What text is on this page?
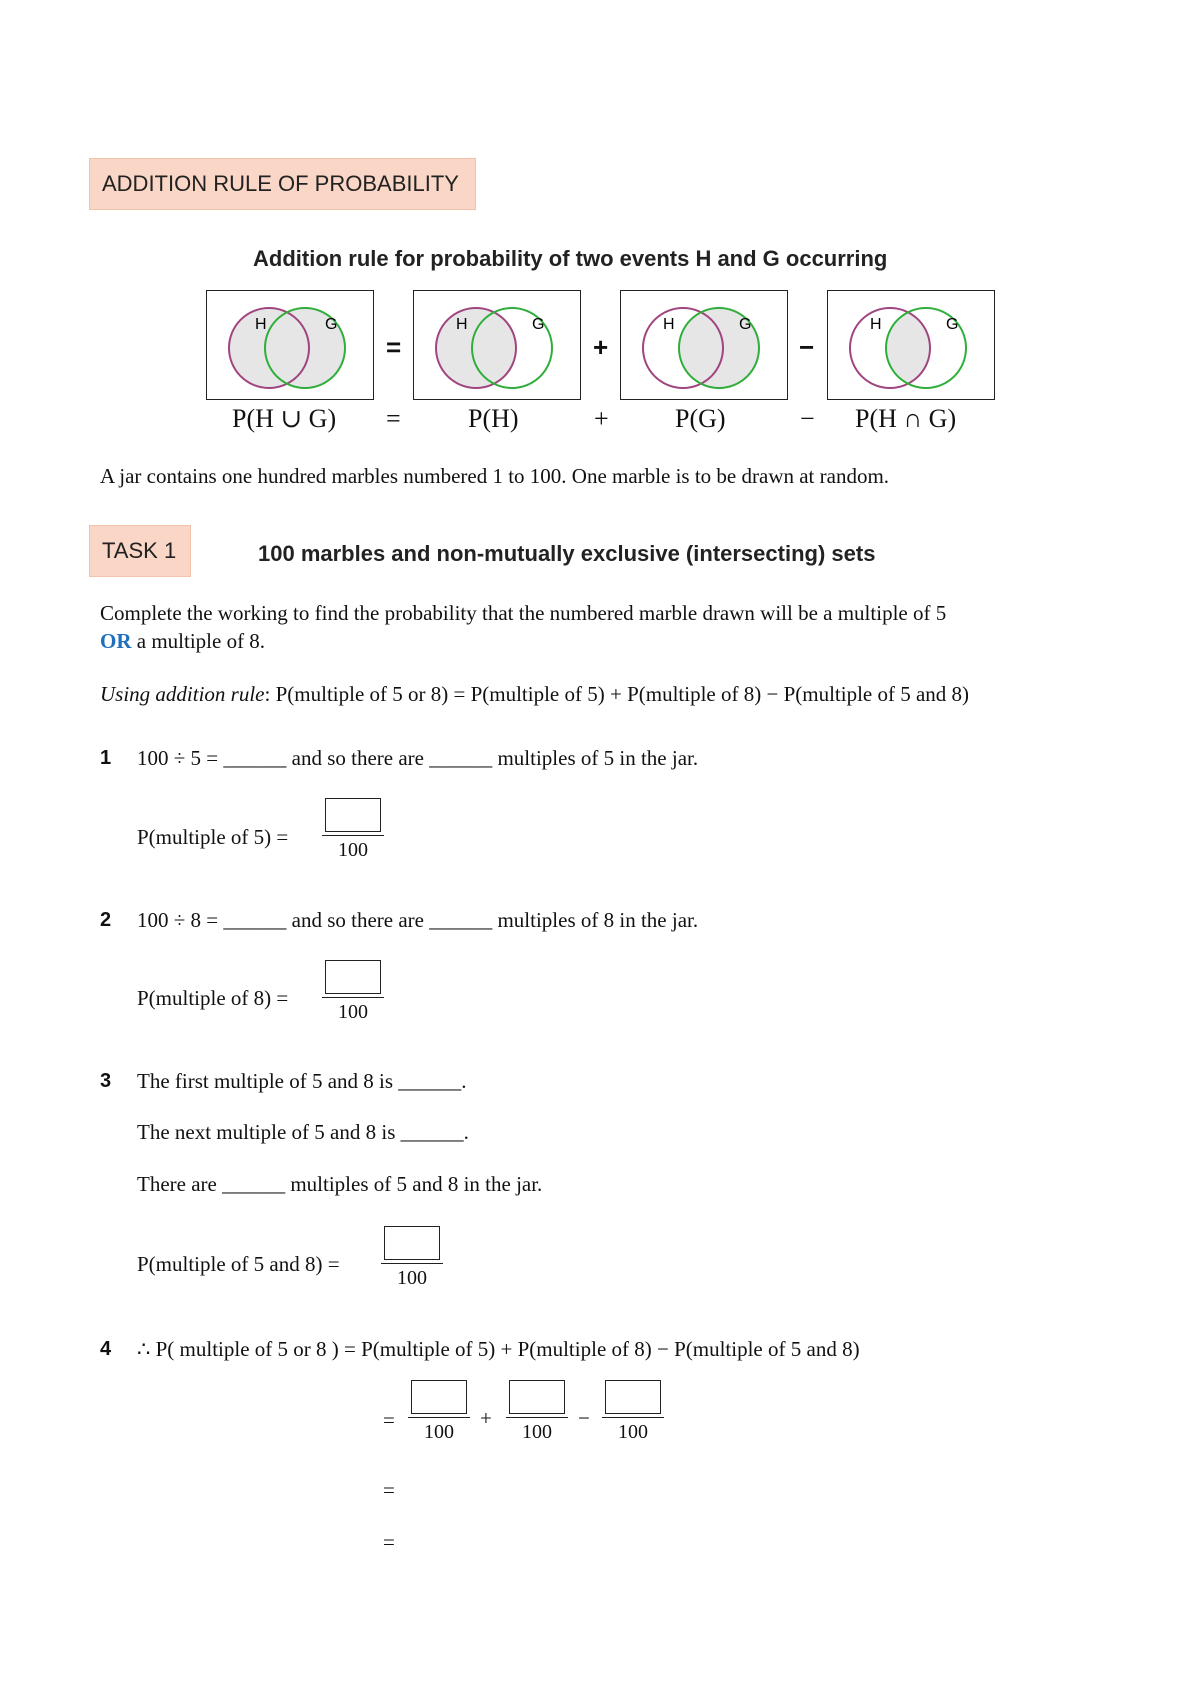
ADDITION RULE OF PROBABILITY
Addition rule for probability of two events H and G occurring
H	G
=
H	G
+
H	G
−
H	G
P(H ∪ G) =	P(H)	+	P(G)	− P(H ∩ G)
A jar contains one hundred marbles numbered 1 to 100. One marble is to be drawn at random.
TASK 1	100 marbles and non-mutually exclusive (intersecting) sets
Complete the working to find the probability that the numbered marble drawn will be a multiple of 5
OR a multiple of 8.
Using addition rule: P(multiple of 5 or 8) = P(multiple of 5) + P(multiple of 8) − P(multiple of 5 and 8)
1 100 ÷ 5 = ______ and so there are ______ multiples of 5 in the jar.
P(multiple of 5) =
100
2 100 ÷ 8 = ______ and so there are ______ multiples of 8 in the jar.
P(multiple of 8) =
100
3 The first multiple of 5 and 8 is ______.
The next multiple of 5 and 8 is ______.
There are ______ multiples of 5 and 8 in the jar.
P(multiple of 5 and 8) =
100
4 ∴ P( multiple of 5 or 8 ) = P(multiple of 5) + P(multiple of 8) − P(multiple of 5 and 8)
=	100
+
100
−
100
=
=
